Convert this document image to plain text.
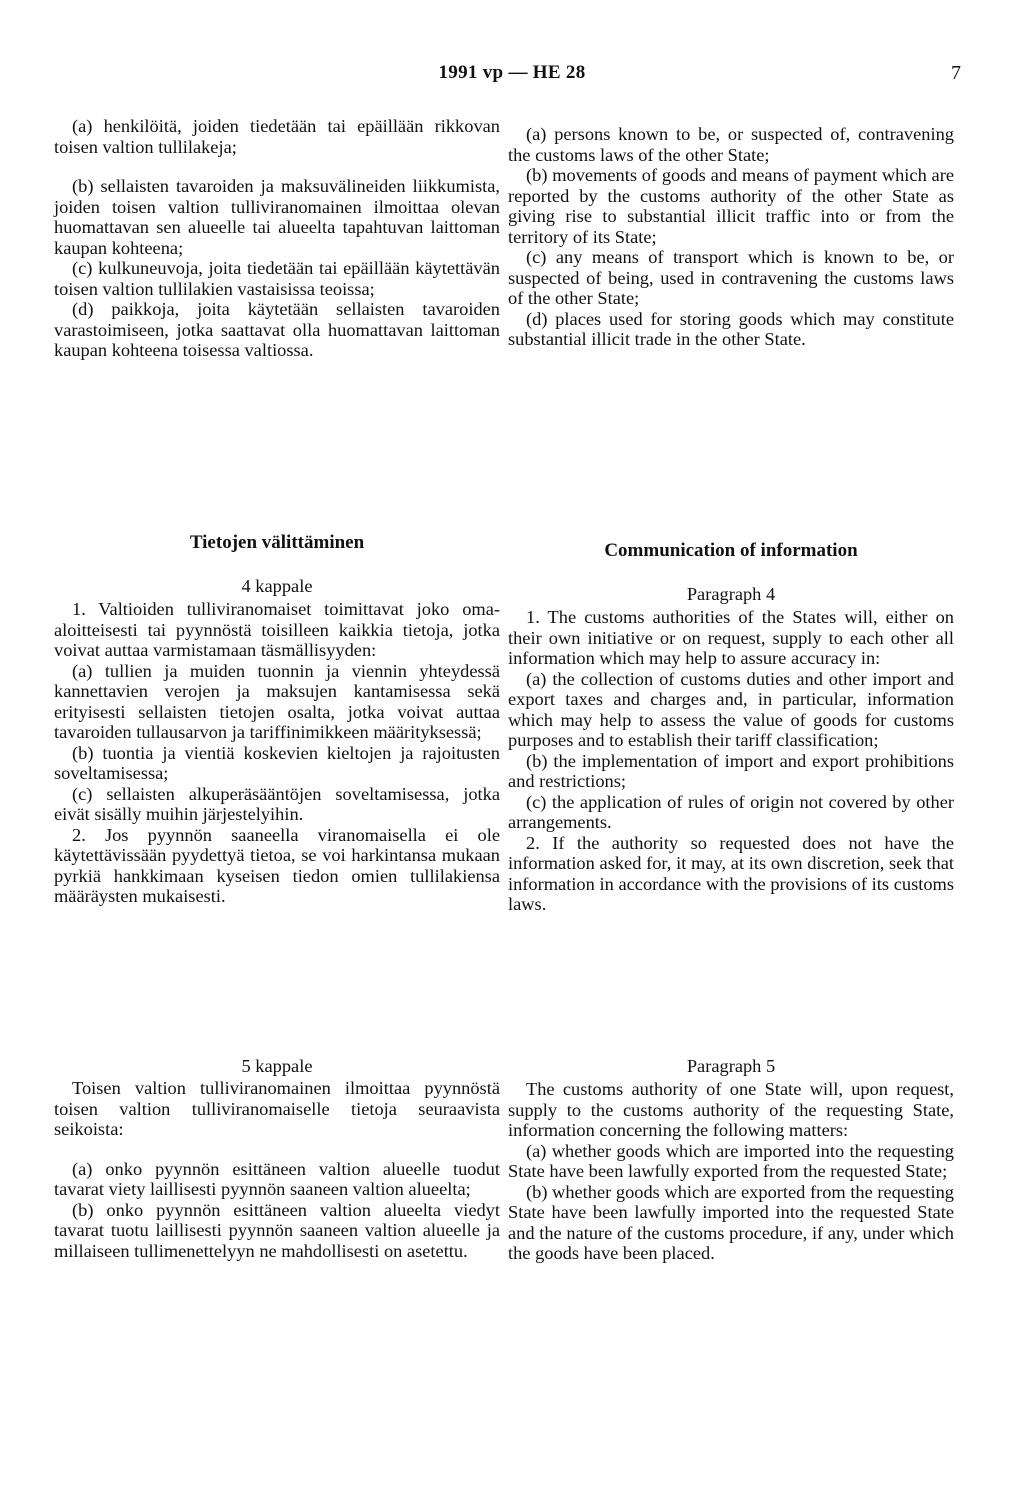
1991 vp — HE 28	7

(a) henkilöitä, joiden tiedetään tai epäillään rikkovan toisen valtion tullilakeja;

(b) sellaisten tavaroiden ja maksuvälineiden liikkumista, joiden toisen valtion tulliviranomainen ilmoittaa olevan huomattavan sen alueelle tai alueelta tapahtuvan laittoman kaupan kohteena;

(c) kulkuneuvoja, joita tiedetään tai epäillään käytettävän toisen valtion tullilakien vastaisissa teoissa;

(d) paikkoja, joita käytetään sellaisten tavaroiden varastoimiseen, jotka saattavat olla huomattavan laittoman kaupan kohteena toisessa valtiossa.

Tietojen välittäminen
4 kappale

1. Valtioiden tulliviranomaiset toimittavat joko oma-aloitteisesti tai pyynnöstä toisilleen kaikkia tietoja, jotka voivat auttaa varmistamaan täsmällisyyden:

(a) tullien ja muiden tuonnin ja viennin yhteydessä kannettavien verojen ja maksujen kantamisessa sekä erityisesti sellaisten tietojen osalta, jotka voivat auttaa tavaroiden tullausarvon ja tariffinimikkeen määrityksessä;

(b) tuontia ja vientiä koskevien kieltojen ja rajoitusten soveltamisessa;

(c) sellaisten alkuperäsääntöjen soveltamisessa, jotka eivät sisälly muihin järjestelyihin.

2. Jos pyynnön saaneella viranomaisella ei ole käytettävissään pyydettyä tietoa, se voi harkintansa mukaan pyrkiä hankkimaan kyseisen tiedon omien tullilakiensa määräysten mukaisesti.

5 kappale

Toisen valtion tulliviranomainen ilmoittaa pyynnöstä toisen valtion tulliviranomaiselle tietoja seuraavista seikoista:

(a) onko pyynnön esittäneen valtion alueelle tuodut tavarat viety laillisesti pyynnön saaneen valtion alueelta;

(b) onko pyynnön esittäneen valtion alueelta viedyt tavarat tuotu laillisesti pyynnön saaneen valtion alueelle ja millaiseen tullimenettelyyn ne mahdollisesti on asetettu.

(a) persons known to be, or suspected of, contravening the customs laws of the other State;

(b) movements of goods and means of payment which are reported by the customs authority of the other State as giving rise to substantial illicit traffic into or from the territory of its State;

(c) any means of transport which is known to be, or suspected of being, used in contravening the customs laws of the other State;

(d) places used for storing goods which may constitute substantial illicit trade in the other State.

Communication of information
Paragraph 4

1. The customs authorities of the States will, either on their own initiative or on request, supply to each other all information which may help to assure accuracy in:

(a) the collection of customs duties and other import and export taxes and charges and, in particular, information which may help to assess the value of goods for customs purposes and to establish their tariff classification;

(b) the implementation of import and export prohibitions and restrictions;

(c) the application of rules of origin not covered by other arrangements.

2. If the authority so requested does not have the information asked for, it may, at its own discretion, seek that information in accordance with the provisions of its customs laws.

Paragraph 5

The customs authority of one State will, upon request, supply to the customs authority of the requesting State, information concerning the following matters:

(a) whether goods which are imported into the requesting State have been lawfully exported from the requested State;

(b) whether goods which are exported from the requesting State have been lawfully imported into the requested State and the nature of the customs procedure, if any, under which the goods have been placed.
